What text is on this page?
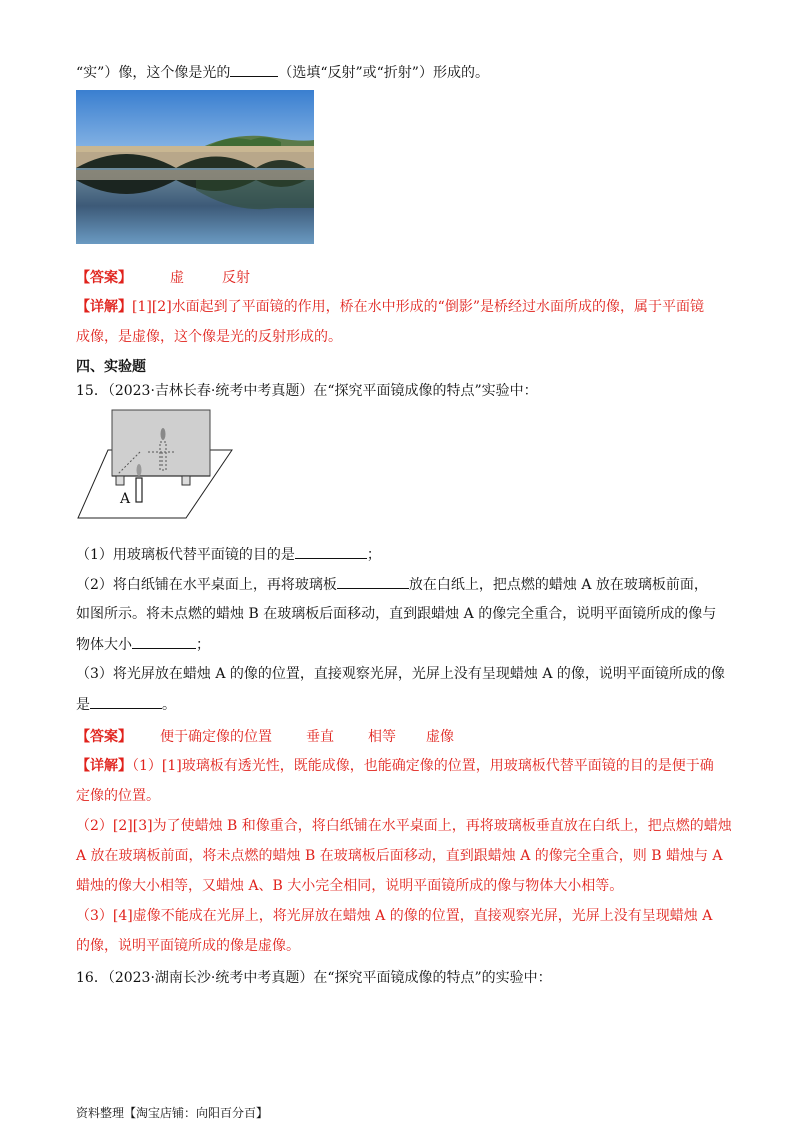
“实”）像，这个像是光的	（选填“反射”或“折射”）形成的。
【答案】	虚	反射
【详解】[1][2]水面起到了平面镜的作用，桥在水中形成的“倒影”是桥经过水面所成的像，属于平面镜
成像，是虚像，这个像是光的反射形成的。
四、实验题
15．（2023·吉林长春·统考中考真题）在“探究平面镜成像的特点”实验中：
A
（1）用玻璃板代替平面镜的目的是	；
（2）将白纸铺在水平桌面上，再将玻璃板	放在白纸上，把点燃的蜡烛 A 放在玻璃板前面，
如图所示。将未点燃的蜡烛 B 在玻璃板后面移动，直到跟蜡烛 A 的像完全重合，说明平面镜所成的像与
物体大小	；
（3）将光屏放在蜡烛 A 的像的位置，直接观察光屏，光屏上没有呈现蜡烛 A 的像，说明平面镜所成的像
是	。
【答案】 便于确定像的位置 垂直 相等 虚像
【详解】（1）[1]玻璃板有透光性，既能成像，也能确定像的位置，用玻璃板代替平面镜的目的是便于确
定像的位置。
（2）[2][3]为了使蜡烛 B 和像重合，将白纸铺在水平桌面上，再将玻璃板垂直放在白纸上，把点燃的蜡烛
A 放在玻璃板前面，将未点燃的蜡烛 B 在玻璃板后面移动，直到跟蜡烛 A 的像完全重合，则 B 蜡烛与 A
蜡烛的像大小相等，又蜡烛 A、B 大小完全相同，说明平面镜所成的像与物体大小相等。
（3）[4]虚像不能成在光屏上，将光屏放在蜡烛 A 的像的位置，直接观察光屏，光屏上没有呈现蜡烛 A
的像，说明平面镜所成的像是虚像。
16．（2023·湖南长沙·统考中考真题）在“探究平面镜成像的特点”的实验中：
资料整理【淘宝店铺：向阳百分百】
